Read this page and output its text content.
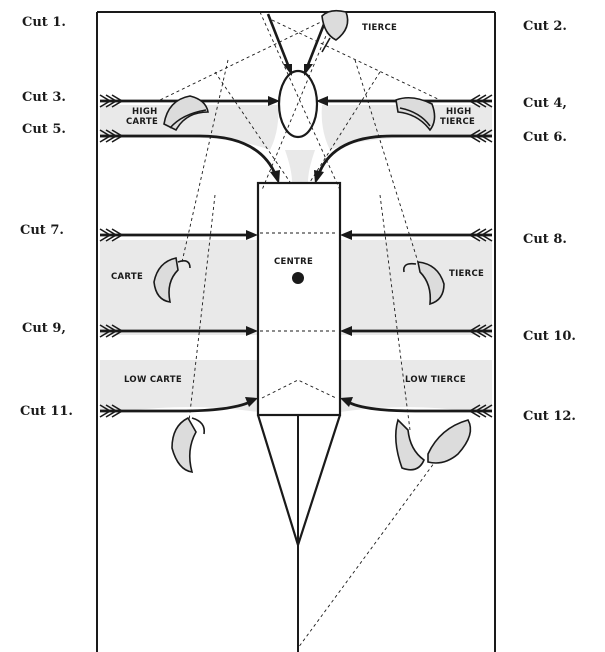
TIERCE
HIGH
CARTE
HIGH
TIERCE
CARTE	TIERCE
LOW CARTE	LOW TIERCE
CENTRE
Cut 1.	Cut 2.
Cut 3.	Cut 4,
Cut 5.
Cut 6.
Cut 7.
Cut 8.
Cut 9,
Cut 10.
Cut 11.	Cut 12.
